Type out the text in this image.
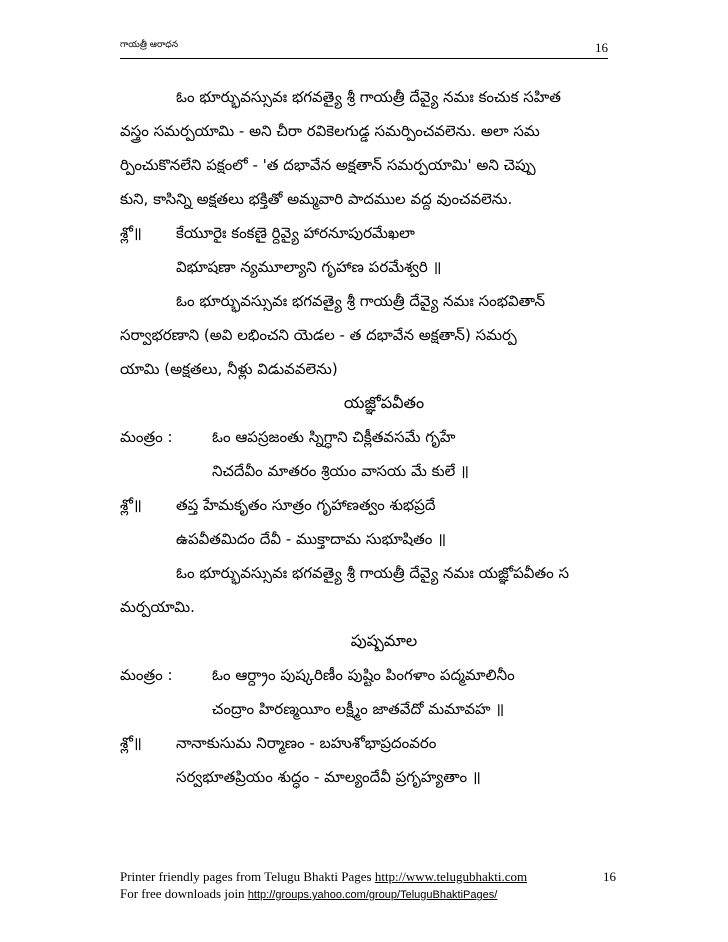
గాయత్రీ ఆరాధన	16
ఓం భూర్భువస్సువః భగవత్యై శ్రీ గాయత్రీ దేవ్యై నమః కంచుక సహిత
వస్త్రం సమర్పయామి - అని చీరా రవికెలగుడ్డ సమర్పించవలెను. అలా సమ
ర్పించుకొనలేని పక్షంలో - 'త దభావేన అక్షతాన్ సమర్పయామి' అని చెప్పు
కుని, కాసిన్ని అక్షతలు భక్తితో అమ్మవారి పాదముల వద్ద వుంచవలెను.
శ్లో॥ కేయూరైః కంకణై ర్దివ్యై హారనూపురమేఖలా
విభూషణా న్యమూల్యాని గృహాణ పరమేశ్వరి ॥
ఓం భూర్భువస్సువః భగవత్యై శ్రీ గాయత్రీ దేవ్యై నమః సంభవితాన్
సర్వాభరణాని (అవి లభించని యెడల - త దభావేన అక్షతాన్) సమర్ప
యామి (అక్షతలు, నీళ్లు విడువవలెను)
యజ్ఞోపవీతం
మంత్రం :	ఓం ఆపస్రజంతు స్నిగ్ధాని చిక్లీతవసమే గృహే
నిచదేవీం మాతరం శ్రియం వాసయ మే కులే ॥
శ్లో॥ తప్త హేమకృతం సూత్రం గృహాణత్వం శుభప్రదే
ఉపవీతమిదం దేవీ - ముక్తాదామ సుభూషితం ॥
ఓం భూర్భువస్సువః భగవత్యై శ్రీ గాయత్రీ దేవ్యై నమః యజ్ఞోపవీతం స
మర్పయామి.
పుష్పమాల
మంత్రం :	ఓం ఆర్ద్రాం పుష్కరిణీం పుష్టిం పింగళాం పద్మమాలినీం
చంద్రాం హిరణ్మయీం లక్ష్మీం జాతవేదో మమావహ ॥
శ్లో॥ నానాకుసుమ నిర్మాణం - బహుశోభాప్రదంవరం
సర్వభూతప్రియం శుద్ధం - మాల్యందేవీ ప్రగృహ్యతాం ॥
Printer friendly pages from Telugu Bhakti Pages http://www.telugubhakti.com	16
For free downloads join http://groups.yahoo.com/group/TeluguBhaktiPages/
